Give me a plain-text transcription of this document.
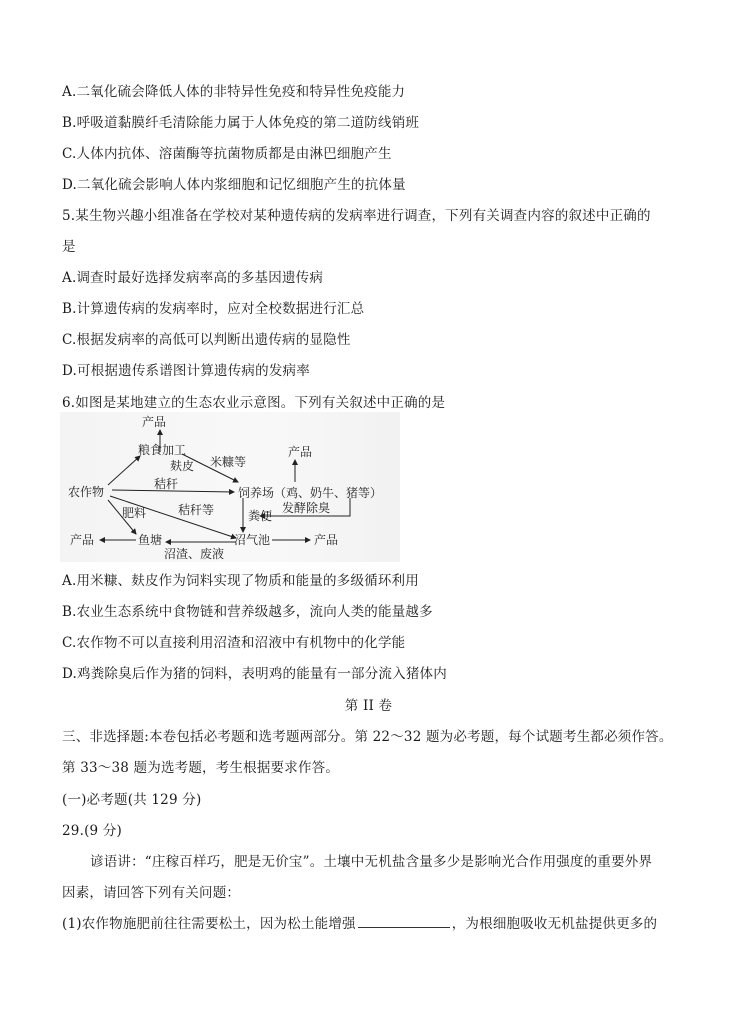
A.二氧化硫会降低人体的非特异性免疫和特异性免疫能力
B.呼吸道黏膜纤毛清除能力属于人体免疫的第二道防线销班
C.人体内抗体、溶菌酶等抗菌物质都是由淋巴细胞产生
D.二氧化硫会影响人体内浆细胞和记忆细胞产生的抗体量
5.某生物兴趣小组准备在学校对某种遗传病的发病率进行调查，下列有关调查内容的叙述中正确的
是
A.调查时最好选择发病率高的多基因遗传病
B.计算遗传病的发病率时，应对全校数据进行汇总
C.根据发病率的高低可以判断出遗传病的显隐性
D.可根据遗传系谱图计算遗传病的发病率
6.如图是某地建立的生态农业示意图。下列有关叙述中正确的是
产品
粮食加工
麸皮 米糠等
产品
农作物
秸秆
饲养场（鸡、奶牛、猪等）
肥料	秸秆等	粪便
发酵除臭
产品	鱼塘	沼气池	产品
沼渣、废液
A.用米糠、麸皮作为饲料实现了物质和能量的多级循环利用
B.农业生态系统中食物链和营养级越多，流向人类的能量越多
C.农作物不可以直接利用沼渣和沼液中有机物中的化学能
D.鸡粪除臭后作为猪的饲料，表明鸡的能量有一部分流入猪体内
第 II 卷
三、非选择题:本卷包括必考题和选考题两部分。第 22～32 题为必考题，每个试题考生都必须作答。
第 33～38 题为选考题，考生根据要求作答。
(一)必考题(共 129 分)
29.(9 分)
谚语讲：“庄稼百样巧，肥是无价宝”。土壤中无机盐含量多少是影响光合作用强度的重要外界
因素，请回答下列有关问题：
(1)农作物施肥前往往需要松土，因为松土能增强	，为根细胞吸收无机盐提供更多的
